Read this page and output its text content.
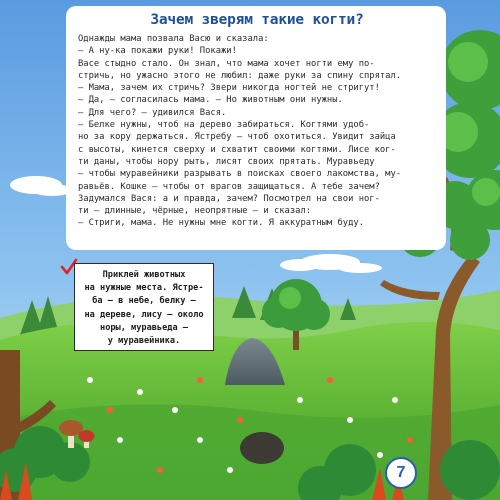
Зачем зверям такие когти?
Однажды мама позвала Васю и сказала:
— А ну-ка покажи руки! Покажи!
Васе стыдно стало. Он знал, что мама хочет ногти ему по-
стричь, но ужасно этого не любил: даже руки за спину спрятал.
— Мама, зачем их стричь? Звери никогда ногтей не стригут!
— Да, — согласилась мама. — Но животным они нужны.
— Для чего? — удивился Вася.
— Белке нужны, чтоб на дерево забираться. Когтями удоб-
но за кору держаться. Ястребу — чтоб охотиться. Увидит зайца
с высоты, кинется сверху и схватит своими когтями. Лисе ког-
ти даны, чтобы нору рыть, лисят своих прятать. Муравьеду
— чтобы муравейники разрывать в поисках своего лакомства, му-
равьёв. Кошке — чтобы от врагов защищаться. А тебе зачем?
Задумался Вася: а и правда, зачем? Посмотрел на свои ног-
ти — длинные, чёрные, неопрятные — и сказал:
— Стриги, мама. Не нужны мне когти. Я аккуратным буду.
Приклей животных
на нужные места. Ястре-
ба — в небе, белку —
на дереве, лису — около
норы, муравьеда —
у муравейника.
7
